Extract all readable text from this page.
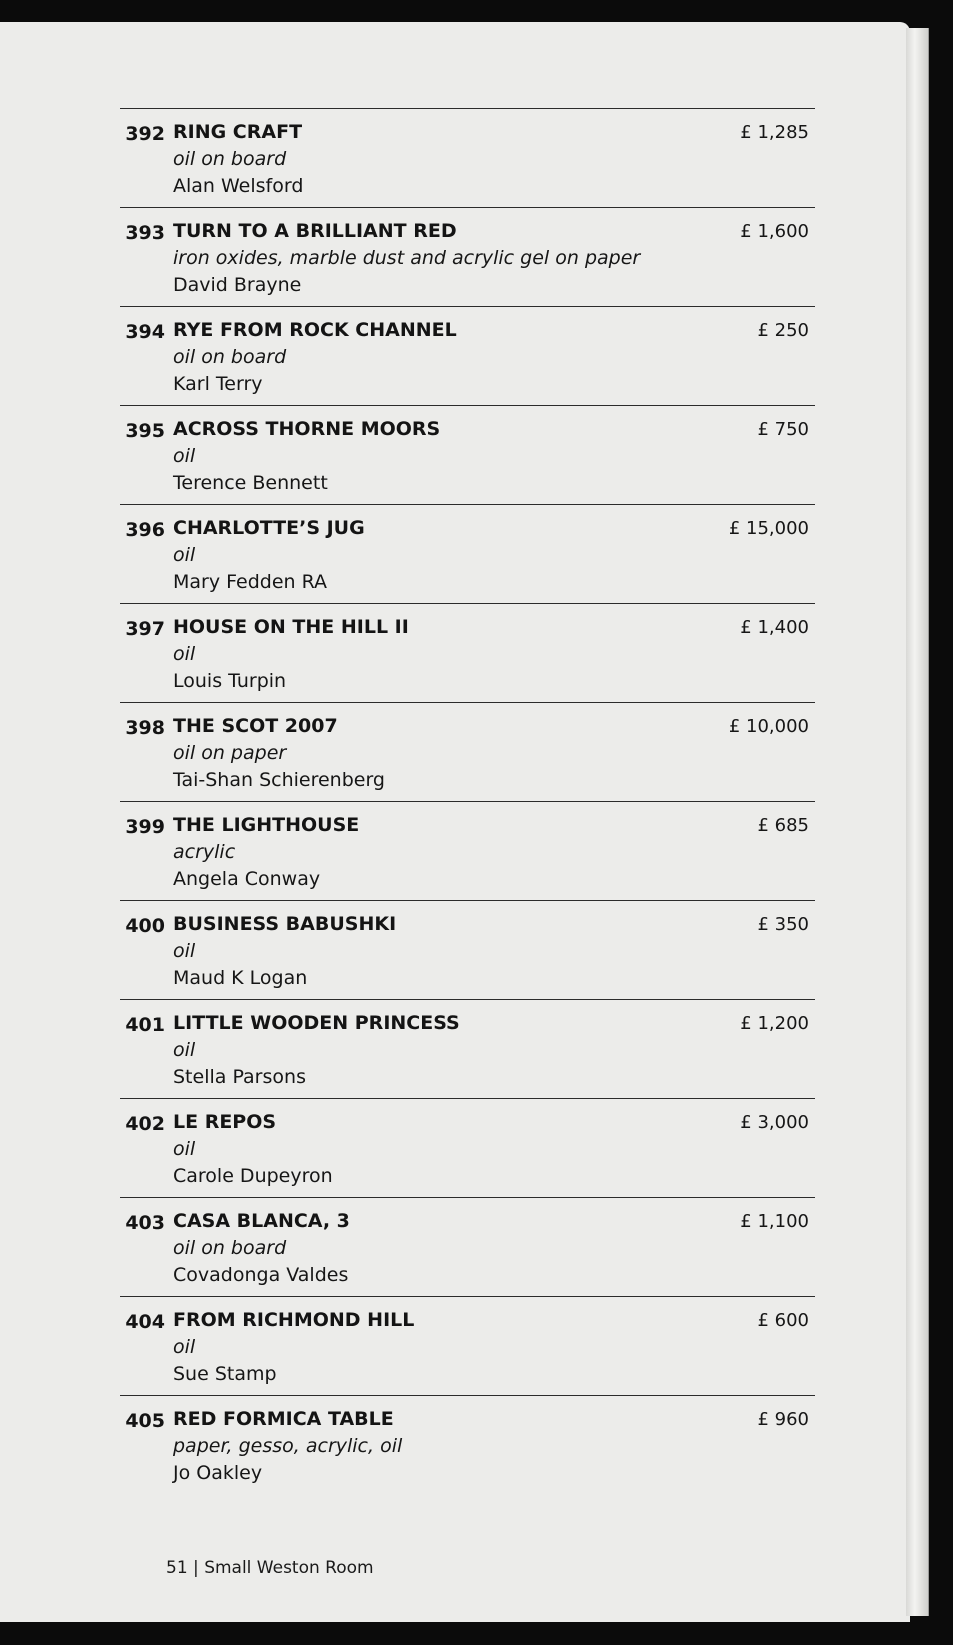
392 RING CRAFT
oil on board
Alan Welsford
£ 1,285
393 TURN TO A BRILLIANT RED
iron oxides, marble dust and acrylic gel on paper
David Brayne
£ 1,600
394 RYE FROM ROCK CHANNEL
oil on board
Karl Terry
£ 250
395 ACROSS THORNE MOORS
oil
Terence Bennett
£ 750
396 CHARLOTTE’S JUG
oil
Mary Fedden RA
£ 15,000
397 HOUSE ON THE HILL II
oil
Louis Turpin
£ 1,400
398 THE SCOT 2007
oil on paper
Tai-Shan Schierenberg
£ 10,000
399 THE LIGHTHOUSE
acrylic
Angela Conway
£ 685
400 BUSINESS BABUSHKI
oil
Maud K Logan
£ 350
401 LITTLE WOODEN PRINCESS
oil
Stella Parsons
£ 1,200
402 LE REPOS
oil
Carole Dupeyron
£ 3,000
403 CASA BLANCA, 3
oil on board
Covadonga Valdes
£ 1,100
404 FROM RICHMOND HILL
oil
Sue Stamp
£ 600
405 RED FORMICA TABLE
paper, gesso, acrylic, oil
Jo Oakley
£ 960
51 | Small Weston Room
